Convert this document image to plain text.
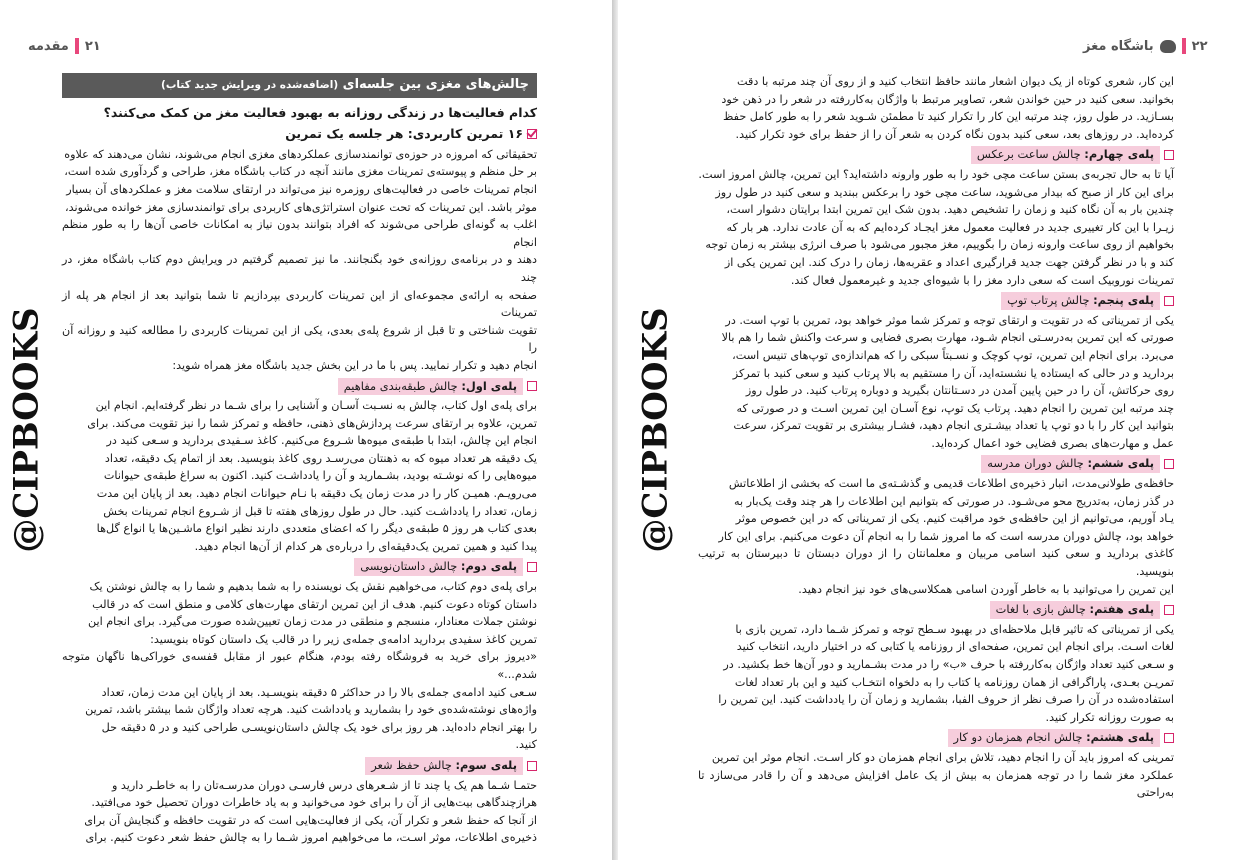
۲۱
مقدمه
@CIPBOOKS
چالش‌های مغزی بین جلسه‌ای (اضافه‌شده در ویرایش جدید کتاب)
کدام فعالیت‌ها در زندگی روزانه به بهبود فعالیت مغز من کمک می‌کنند؟
۱۶ تمرین کاربردی: هر جلسه یک تمرین

تحقیقاتی که امروزه در حوزه‌ی توانمندسازی عملکردهای مغزی انجام می‌شوند، نشان می‌دهند که علاوه

بر حل منظم و پیوسته‌ی تمرینات مغزی مانند آنچه در کتاب باشگاه مغز، طراحی و گردآوری شده است،

انجام تمرینات خاصی در فعالیت‌های روزمره نیز می‌تواند در ارتقای سلامت مغز و عملکردهای آن بسیار

موثر باشد. این تمرینات که تحت عنوان استراتژی‌های کاربردی برای توانمندسازی مغز خوانده می‌شوند،

اغلب به گونه‌ای طراحی می‌شوند که افراد بتوانند بدون نیاز به امکانات خاصی آن‌ها را به طور منظم انجام

دهند و در برنامه‌ی روزانه‌ی خود بگنجانند. ما نیز تصمیم گرفتیم در ویرایش دوم کتاب باشگاه مغز، در چند

صفحه به ارائه‌ی مجموعه‌ای از این تمرینات کاربردی بپردازیم تا شما بتوانید بعد از انجام هر پله از تمرینات

تقویت شناختی و تا قبل از شروع پله‌ی بعدی، یکی از این تمرینات کاربردی را مطالعه کنید و روزانه آن را

انجام دهید و تکرار نمایید. پس با ما در این بخش جدید باشگاه مغز همراه شوید:

پله‌ی اول: چالش طبقه‌بندی مفاهیم

برای پله‌ی اول کتاب، چالش به نسـبت آسـان و آشنایی را برای شـما در نظر گرفته‌ایم. انجام این

تمرین، علاوه بر ارتقای سرعت پردازش‌های ذهنی، حافظه و تمرکز شما را نیز تقویت می‌کند. برای

انجام این چالش، ابتدا با طبقه‌ی میوه‌ها شـروع می‌کنیم. کاغذ سـفیدی بردارید و سـعی کنید در

یک دقیقه هر تعداد میوه که به ذهنتان می‌رسـد روی کاغذ بنویسید. بعد از اتمام یک دقیقه، تعداد

میوه‌هایی را که نوشـته بودید، بشـمارید و آن را یادداشـت کنید. اکنون به سراغ طبقه‌ی حیوانات

می‌رویـم. همیـن کار را در مدت زمان یک دقیقه با نـام حیوانات انجام دهید. بعد از پایان این مدت

زمان، تعداد را یادداشـت کنید. حال در طول روزهای هفته تا قبل از شـروع انجام تمرینات بخش

بعدی کتاب هر روز ۵ طبقه‌ی دیگر را که اعضای متعددی دارند نظیر انواع ماشـین‌ها یا انواع گل‌ها

پیدا کنید و همین تمرین یک‌دقیقه‌ای را درباره‌ی هر کدام از آن‌ها انجام دهید.

پله‌ی دوم: چالش داستان‌نویسی

برای پله‌ی دوم کتاب، می‌خواهیم نقش یک نویسنده را به شما بدهیم و شما را به چالش نوشتن یک

داستان کوتاه دعوت کنیم. هدف از این تمرین ارتقای مهارت‌های کلامی و منطق است که در قالب

نوشتن جملات معنادار، منسجم و منطقی در مدت زمان تعیین‌شده صورت می‌گیرد. برای انجام این

تمرین کاغذ سفیدی بردارید ادامه‌ی جمله‌ی زیر را در قالب یک داستان کوتاه بنویسید:

«دیروز برای خرید به فروشگاه رفته بودم، هنگام عبور از مقابل قفسه‌ی خوراکی‌ها ناگهان متوجه شدم...»

سـعی کنید ادامه‌ی جمله‌ی بالا را در حداکثر ۵ دقیقه بنویسـید. بعد از پایان این مدت زمان، تعداد

واژه‌های نوشته‌شده‌ی خود را بشمارید و یادداشت کنید. هرچه تعداد واژگان شما بیشتر باشد، تمرین

را بهتر انجام داده‌اید. هر روز برای خود یک چالش داستان‌نویسـی طراحی کنید و در ۵ دقیقه حل

کنید.

پله‌ی سوم: چالش حفظ شعر

حتمـا شـما هم یک یا چند تا از شـعرهای درس فارسـی دوران مدرسـه‌تان را به خاطـر دارید و

هرازچندگاهی بیت‌هایی از آن را برای خود می‌خوانید و به یاد خاطرات دوران تحصیل خود می‌افتید.

از آنجا که حفظ شعر و تکرار آن، یکی از فعالیت‌هایی است که در تقویت حافظه و گنجایش آن برای

ذخیره‌ی اطلاعات، موثر اسـت، ما می‌خواهیم امروز شـما را به چالش حفظ شعر دعوت کنیم. برای

۲۲
باشگاه مغز
@CIPBOOKS

این کار، شعری کوتاه از یک دیوان اشعار مانند حافظ انتخاب کنید و از روی آن چند مرتبه با دقت

بخوانید. سعی کنید در حین خواندن شعر، تصاویر مرتبط با واژگان به‌کاررفته در شعر را در ذهن خود

بسـازید. در طول روز، چند مرتبه این کار را تکرار کنید تا مطمئن شـوید شعر را به طور کامل حفظ

کرده‌اید. در روزهای بعد، سعی کنید بدون نگاه کردن به شعر آن را از حفظ برای خود تکرار کنید.

پله‌ی چهارم: چالش ساعت برعکس

آیا تا به حال تجربه‌ی بستن ساعت مچی خود را به طور وارونه داشته‌اید؟ این تمرین، چالش امروز است.

برای این کار از صبح که بیدار می‌شوید، ساعت مچی خود را برعکس ببندید و سعی کنید در طول روز

چندین بار به آن نگاه کنید و زمان را تشخیص دهید. بدون شک این تمرین ابتدا برایتان دشوار است،

زیـرا با این کار تغییری جدید در فعالیت معمول مغز ایجـاد کرده‌ایم که به آن عادت ندارد. هر بار که

بخواهیم از روی ساعت وارونه زمان را بگوییم، مغز مجبور می‌شود با صرف انرژی بیشتر به زمان توجه

کند و با در نظر گرفتن جهت جدید قرارگیری اعداد و عقربه‌ها، زمان را درک کند. این تمرین یکی از

تمرینات نوروبیک است که سعی دارد مغز را با شیوه‌ای جدید و غیرمعمول فعال کند.

پله‌ی پنجم: چالش پرتاب توپ

یکی از تمریناتی که در تقویت و ارتقای توجه و تمرکز شما موثر خواهد بود، تمرین با توپ است. در

صورتی که این تمرین به‌درسـتی انجام شـود، مهارت بصری فضایی و سرعت واکنش شما را هم بالا

می‌برد. برای انجام این تمرین، توپ کوچک و نسـبتاً سبکی را که هم‌اندازه‌ی توپ‌های تنیس است،

بردارید و در حالی که ایستاده یا نشسته‌اید، آن را مستقیم به بالا پرتاب کنید و سعی کنید با تمرکز

روی حرکاتش، آن را در حین پایین آمدن در دسـتانتان بگیرید و دوباره پرتاب کنید. در طول روز

چند مرتبه این تمرین را انجام دهید. پرتاب یک توپ، نوع آسـان این تمرین اسـت و در صورتی که

بتوانید این کار را با دو توپ یا تعداد بیشـتری انجام دهید، فشـار بیشتری بر تقویت تمرکز، سرعت

عمل و مهارت‌های بصری فضایی خود اعمال کرده‌اید.

پله‌ی ششم: چالش دوران مدرسه

حافظه‌ی طولانی‌مدت، انبار ذخیره‌ی اطلاعات قدیمی و گذشـته‌ی ما است که بخشی از اطلاعاتش

در گذر زمان، به‌تدریج محو می‌شـود. در صورتی که بتوانیم این اطلاعات را هر چند وقت یک‌بار به

یـاد آوریم، می‌توانیم از این حافظه‌ی خود مراقبت کنیم. یکی از تمریناتی که در این خصوص موثر

خواهد بود، چالش دوران مدرسه است که ما امروز شما را به انجام آن دعوت می‌کنیم. برای این کار

کاغذی بردارید و سعی کنید اسامی مربیان و معلمانتان را از دوران دبستان تا دبیرستان به ترتیب بنویسید.

این تمرین را می‌توانید با به خاطر آوردن اسامی همکلاسی‌های خود نیز انجام دهید.

پله‌ی هفتم: چالش بازی با لغات

یکی از تمریناتی که تاثیر قابل ملاحظه‌ای در بهبود سـطح توجه و تمرکز شـما دارد، تمرین بازی با

لغات اسـت. برای انجام این تمرین، صفحه‌ای از روزنامه یا کتابی که در اختیار دارید، انتخاب کنید

و سـعی کنید تعداد واژگان به‌کاررفته با حرف «ب» را در مدت بشـمارید و دور آن‌ها خط بکشید. در

تمریـن بعـدی، پاراگرافی از همان روزنامه یا کتاب را به دلخواه انتخـاب کنید و این بار تعداد لغات

استفاده‌شده در آن را صرف نظر از حروف الفبا، بشمارید و زمان آن را یادداشت کنید. این تمرین را

به صورت روزانه تکرار کنید.

پله‌ی هشتم: چالش انجام همزمان دو کار

تمرینی که امروز باید آن را انجام دهید، تلاش برای انجام همزمان دو کار اسـت. انجام موثر این تمرین

عملکرد مغز شما را در توجه همزمان به بیش از یک عامل افزایش می‌دهد و آن را قادر می‌سازد تا به‌راحتی
